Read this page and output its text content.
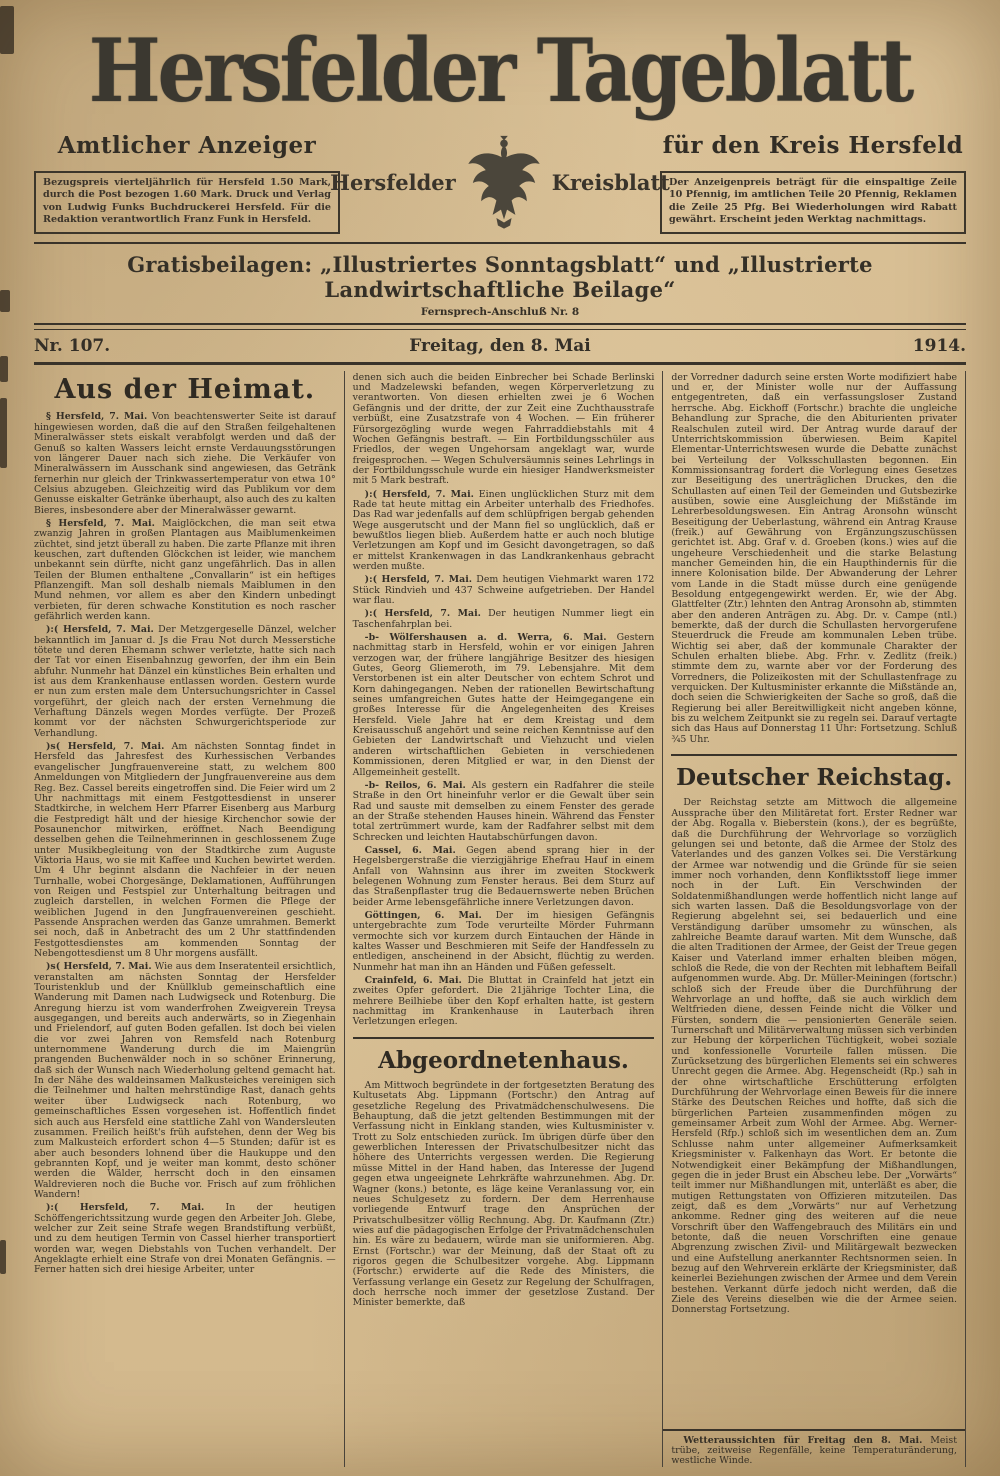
Hersfelder Tageblatt
Amtlicher Anzeiger
Bezugspreis vierteljährlich für Hersfeld 1.50 Mark, durch die Post bezogen 1.60 Mark. Druck und Verlag von Ludwig Funks Buchdruckerei Hersfeld. Für die Redaktion verantwortlich Franz Funk in Hersfeld.
Hersfelder	Kreisblatt
für den Kreis Hersfeld
Der Anzeigenpreis beträgt für die einspaltige Zeile 10 Pfennig, im amtlichen Teile 20 Pfennig, Reklamen die Zeile 25 Pfg. Bei Wiederholungen wird Rabatt gewährt. Erscheint jeden Werktag nachmittags.
Gratisbeilagen: „Illustriertes Sonntagsblatt“ und „Illustrierte Landwirtschaftliche Beilage“
Fernsprech-Anschluß Nr. 8
Nr. 107.	Freitag, den 8. Mai	1914.
Aus der Heimat.

§ Hersfeld, 7. Mai. Von beachtenswerter Seite ist darauf hingewiesen worden, daß die auf den Straßen feilgehaltenen Mineralwässer stets eiskalt verabfolgt werden und daß der Genuß so kalten Wassers leicht ernste Verdauungsstörungen von längerer Dauer nach sich ziehe. Die Verkäufer von Mineralwässern im Ausschank sind angewiesen, das Getränk fernerhin nur gleich der Trinkwassertemperatur von etwa 10° Celsius abzugeben. Gleichzeitig wird das Publikum vor dem Genusse eiskalter Getränke überhaupt, also auch des zu kalten Bieres, insbesondere aber der Mineralwässer gewarnt.

§ Hersfeld, 7. Mai. Maiglöckchen, die man seit etwa zwanzig Jahren in großen Plantagen aus Maiblumenkeimen züchtet, sind jetzt überall zu haben. Die zarte Pflanze mit ihren keuschen, zart duftenden Glöckchen ist leider, wie manchem unbekannt sein dürfte, nicht ganz ungefährlich. Das in allen Teilen der Blumen enthaltene „Convallarin“ ist ein heftiges Pflanzengift. Man soll deshalb niemals Maiblumen in den Mund nehmen, vor allem es aber den Kindern unbedingt verbieten, für deren schwache Konstitution es noch rascher gefährlich werden kann.

):( Hersfeld, 7. Mai. Der Metzgergeselle Dänzel, welcher bekanntlich im Januar d. Js die Frau Not durch Messerstiche tötete und deren Ehemann schwer verletzte, hatte sich nach der Tat vor einen Eisenbahnzug geworfen, der ihm ein Bein abfuhr. Nunmehr hat Dänzel ein künstliches Bein erhalten und ist aus dem Krankenhause entlassen worden. Gestern wurde er nun zum ersten male dem Untersuchungsrichter in Cassel vorgeführt, der gleich nach der ersten Vernehmung die Verhaftung Dänzels wegen Mordes verfügte. Der Prozeß kommt vor der nächsten Schwurgerichtsperiode zur Verhandlung.

)s( Hersfeld, 7. Mai. Am nächsten Sonntag findet in Hersfeld das Jahresfest des Kurhessischen Verbandes evangelischer Jungfrauenvereine statt, zu welchem 800 Anmeldungen von Mitgliedern der Jungfrauenvereine aus dem Reg. Bez. Cassel bereits eingetroffen sind. Die Feier wird um 2 Uhr nachmittags mit einem Festgottesdienst in unserer Stadtkirche, in welchem Herr Pfarrer Eisenberg aus Marburg die Festpredigt hält und der hiesige Kirchenchor sowie der Posaunenchor mitwirken, eröffnet. Nach Beendigung desselben gehen die Teilnehmerinnen in geschlossenem Zuge unter Musikbegleitung von der Stadtkirche zum Auguste Viktoria Haus, wo sie mit Kaffee und Kuchen bewirtet werden. Um 4 Uhr beginnt alsdann die Nachfeier in der neuen Turnhalle, wobei Chorgesänge, Deklamationen, Aufführungen von Reigen und Festspiel zur Unterhaltung beitragen und zugleich darstellen, in welchen Formen die Pflege der weiblichen Jugend in den Jungfrauenvereinen geschieht. Passende Ansprachen werden das Ganze umrahmen. Bemerkt sei noch, daß in Anbetracht des um 2 Uhr stattfindenden Festgottesdienstes am kommenden Sonntag der Nebengottesdienst um 8 Uhr morgens ausfällt.

)s( Hersfeld, 7. Mai. Wie aus dem Inseratenteil ersichtlich, veranstalten am nächsten Sonntag der Hersfelder Touristenklub und der Knüllklub gemeinschaftlich eine Wanderung mit Damen nach Ludwigseck und Rotenburg. Die Anregung hierzu ist vom wanderfrohen Zweigverein Treysa ausgegangen, und bereits auch anderwärts, so in Ziegenhain und Frielendorf, auf guten Boden gefallen. Ist doch bei vielen die vor zwei Jahren von Remsfeld nach Rotenburg unternommene Wanderung durch die im Maiengrün prangenden Buchenwälder noch in so schöner Erinnerung, daß sich der Wunsch nach Wiederholung geltend gemacht hat. In der Nähe des waldeinsamen Malkusteiches vereinigen sich die Teilnehmer und halten mehrstündige Rast, danach gehts weiter über Ludwigseck nach Rotenburg, wo gemeinschaftliches Essen vorgesehen ist. Hoffentlich findet sich auch aus Hersfeld eine stattliche Zahl von Wandersleuten zusammen. Freilich heißt's früh aufstehen, denn der Weg bis zum Malkusteich erfordert schon 4—5 Stunden; dafür ist es aber auch besonders lohnend über die Haukuppe und den gebrannten Kopf, und je weiter man kommt, desto schöner werden die Wälder, herrscht doch in den einsamen Waldrevieren noch die Buche vor. Frisch auf zum fröhlichen Wandern!

):( Hersfeld, 7. Mai. In der heutigen Schöffengerichtssitzung wurde gegen den Arbeiter Joh. Glebe, welcher zur Zeit seine Strafe wegen Brandstiftung verbüßt, und zu dem heutigen Termin von Cassel hierher transportiert worden war, wegen Diebstahls von Tuchen verhandelt. Der Angeklagte erhielt eine Strafe von drei Monaten Gefängnis. — Ferner hatten sich drei hiesige Arbeiter, unter

denen sich auch die beiden Einbrecher bei Schade Berlinski und Madzelewski befanden, wegen Körperverletzung zu verantworten. Von diesen erhielten zwei je 6 Wochen Gefängnis und der dritte, der zur Zeit eine Zuchthausstrafe verbüßt, eine Zusatzstrafe von 4 Wochen. — Ein früherer Fürsorgezögling wurde wegen Fahrraddiebstahls mit 4 Wochen Gefängnis bestraft. — Ein Fortbildungsschüler aus Friedlos, der wegen Ungehorsam angeklagt war, wurde freigesprochen. — Wegen Schulversäumnis seines Lehrlings in der Fortbildungsschule wurde ein hiesiger Handwerksmeister mit 5 Mark bestraft.

):( Hersfeld, 7. Mai. Einen unglücklichen Sturz mit dem Rade tat heute mittag ein Arbeiter unterhalb des Friedhofes. Das Rad war jedenfalls auf dem schlüpfrigen bergab gehenden Wege ausgerutscht und der Mann fiel so unglücklich, daß er bewußtlos liegen blieb. Außerdem hatte er auch noch blutige Verletzungen am Kopf und im Gesicht davongetragen, so daß er mittelst Krankenwagen in das Landkrankenhaus gebracht werden mußte.

):( Hersfeld, 7. Mai. Dem heutigen Viehmarkt waren 172 Stück Rindvieh und 437 Schweine aufgetrieben. Der Handel war flau.

):( Hersfeld, 7. Mai. Der heutigen Nummer liegt ein Taschenfahrplan bei.

-b- Wölfershausen a. d. Werra, 6. Mai. Gestern nachmittag starb in Hersfeld, wohin er vor einigen Jahren verzogen war, der frühere langjährige Besitzer des hiesigen Gutes, Georg Gliemeroth, im 79. Lebensjahre. Mit dem Verstorbenen ist ein alter Deutscher von echtem Schrot und Korn dahingegangen. Neben der rationellen Bewirtschaftung seines umfangreichen Gutes hatte der Heimgegangene ein großes Interesse für die Angelegenheiten des Kreises Hersfeld. Viele Jahre hat er dem Kreistag und dem Kreisausschuß angehört und seine reichen Kenntnisse auf den Gebieten der Landwirtschaft und Viehzucht und vielen anderen wirtschaftlichen Gebieten in verschiedenen Kommissionen, deren Mitglied er war, in den Dienst der Allgemeinheit gestellt.

-b- Reilos, 6. Mai. Als gestern ein Radfahrer die steile Straße in den Ort hineinfuhr verlor er die Gewalt über sein Rad und sauste mit demselben zu einem Fenster des gerade an der Straße stehenden Hauses hinein. Während das Fenster total zertrümmert wurde, kam der Radfahrer selbst mit dem Schrecken und leichten Hautabschürfungen davon.

Cassel, 6. Mai. Gegen abend sprang hier in der Hegelsbergerstraße die vierzigjährige Ehefrau Hauf in einem Anfall von Wahnsinn aus ihrer im zweiten Stockwerk belegenen Wohnung zum Fenster heraus. Bei dem Sturz auf das Straßenpflaster trug die Bedauernswerte neben Brüchen beider Arme lebensgefährliche innere Verletzungen davon.

Göttingen, 6. Mai. Der im hiesigen Gefängnis untergebrachte zum Tode verurteilte Mörder Fuhrmann vermochte sich vor kurzem durch Eintauchen der Hände in kaltes Wasser und Beschmieren mit Seife der Handfesseln zu entledigen, anscheinend in der Absicht, flüchtig zu werden. Nunmehr hat man ihn an Händen und Füßen gefesselt.

Crainfeld, 6. Mai. Die Bluttat in Crainfeld hat jetzt ein zweites Opfer gefordert. Die 21jährige Tochter Lina, die mehrere Beilhiebe über den Kopf erhalten hatte, ist gestern nachmittag im Krankenhause in Lauterbach ihren Verletzungen erlegen.

Abgeordnetenhaus.

Am Mittwoch begründete in der fortgesetzten Beratung des Kultusetats Abg. Lippmann (Fortschr.) den Antrag auf gesetzliche Regelung des Privatmädchenschulwesens. Die Behauptung, daß die jetzt geltenden Bestimmungen mit der Verfassung nicht in Einklang standen, wies Kultusminister v. Trott zu Solz entschieden zurück. Im übrigen dürfe über den gewerblichen Interessen der Privatschulbesitzer nicht das höhere des Unterrichts vergessen werden. Die Regierung müsse Mittel in der Hand haben, das Interesse der Jugend gegen etwa ungeeignete Lehrkräfte wahrzunehmen. Abg. Dr. Wagner (kons.) betonte, es läge keine Veranlassung vor, ein neues Schulgesetz zu fordern. Der dem Herrenhause vorliegende Entwurf trage den Ansprüchen der Privatschulbesitzer völlig Rechnung. Abg. Dr. Kaufmann (Ztr.) wies auf die pädagogischen Erfolge der Privatmädchenschulen hin. Es wäre zu bedauern, würde man sie uniformieren. Abg. Ernst (Fortschr.) war der Meinung, daß der Staat oft zu rigoros gegen die Schulbesitzer vorgehe. Abg. Lippmann (Fortschr.) erwiderte auf die Rede des Ministers, die Verfassung verlange ein Gesetz zur Regelung der Schulfragen, doch herrsche noch immer der gesetzlose Zustand. Der Minister bemerkte, daß

der Vorredner dadurch seine ersten Worte modifiziert habe und er, der Minister wolle nur der Auffassung entgegentreten, daß ein verfassungsloser Zustand herrsche. Abg. Eickhoff (Fortschr.) brachte die ungleiche Behandlung zur Sprache, die den Abiturienten privater Realschulen zuteil wird. Der Antrag wurde darauf der Unterrichtskommission überwiesen. Beim Kapitel Elementar-Unterrichtswesen wurde die Debatte zunächst bei Verteilung der Volksschullasten begonnen. Ein Kommissionsantrag fordert die Vorlegung eines Gesetzes zur Beseitigung des unerträglichen Druckes, den die Schullasten auf einen Teil der Gemeinden und Gutsbezirke ausüben, sowie eine Ausgleichung der Mißstände im Lehrerbesoldungswesen. Ein Antrag Aronsohn wünscht Beseitigung der Ueberlastung, während ein Antrag Krause (freik.) auf Gewährung von Ergänzungszuschüssen gerichtet ist. Abg. Graf v. d. Groeben (kons.) wies auf die ungeheure Verschiedenheit und die starke Belastung mancher Gemeinden hin, die ein Haupthindernis für die innere Kolonisation bilde. Der Abwanderung der Lehrer vom Lande in die Stadt müsse durch eine genügende Besoldung entgegengewirkt werden. Er, wie der Abg. Glattfelter (Ztr.) lehnten den Antrag Aronsohn ab, stimmten aber den anderen Anträgen zu. Abg. Dr. v. Campe (ntl.) bemerkte, daß der durch die Schullasten hervorgerufene Steuerdruck die Freude am kommunalen Leben trübe. Wichtig sei aber, daß der kommunale Charakter der Schulen erhalten bliebe. Abg. Frhr. v. Zedlitz (freik.) stimmte dem zu, warnte aber vor der Forderung des Vorredners, die Polizeikosten mit der Schullastenfrage zu verquicken. Der Kultusminister erkannte die Mißstände an, doch seien die Schwierigkeiten der Sache so groß, daß die Regierung bei aller Bereitwilligkeit nicht angeben könne, bis zu welchem Zeitpunkt sie zu regeln sei. Darauf vertagte sich das Haus auf Donnerstag 11 Uhr: Fortsetzung. Schluß ¾5 Uhr.

Deutscher Reichstag.

Der Reichstag setzte am Mittwoch die allgemeine Aussprache über den Militäretat fort. Erster Redner war der Abg. Rogalla v. Bieberstein (kons.), der es begrüßte, daß die Durchführung der Wehrvorlage so vorzüglich gelungen sei und betonte, daß die Armee der Stolz des Vaterlandes und des ganzen Volkes sei. Die Verstärkung der Armee war notwendig und die Gründe für sie seien immer noch vorhanden, denn Konfliktsstoff liege immer noch in der Luft. Ein Verschwinden der Soldatenmißhandlungen werde hoffentlich nicht lange auf sich warten lassen. Daß die Besoldungsvorlage von der Regierung abgelehnt sei, sei bedauerlich und eine Verständigung darüber umsomehr zu wünschen, als zahlreiche Beamte darauf warten. Mit dem Wunsche, daß die alten Traditionen der Armee, der Geist der Treue gegen Kaiser und Vaterland immer erhalten bleiben mögen, schloß die Rede, die von der Rechten mit lebhaftem Beifall aufgenommen wurde. Abg. Dr. Müller-Meiningen (fortschr.) schloß sich der Freude über die Durchführung der Wehrvorlage an und hoffte, daß sie auch wirklich dem Weltfrieden diene, dessen Feinde nicht die Völker und Fürsten, sondern die — pensionierten Generäle seien. Turnerschaft und Militärverwaltung müssen sich verbinden zur Hebung der körperlichen Tüchtigkeit, wobei soziale und konfessionelle Vorurteile fallen müssen. Die Zurücksetzung des bürgerlichen Elements sei ein schweres Unrecht gegen die Armee. Abg. Hegenscheidt (Rp.) sah in der ohne wirtschaftliche Erschütterung erfolgten Durchführung der Wehrvorlage einen Beweis für die innere Stärke des Deutschen Reiches und hoffte, daß sich die bürgerlichen Parteien zusammenfinden mögen zu gemeinsamer Arbeit zum Wohl der Armee. Abg. Werner-Hersfeld (Rfp.) schloß sich im wesentlichen dem an. Zum Schlusse nahm unter allgemeiner Aufmerksamkeit Kriegsminister v. Falkenhayn das Wort. Er betonte die Notwendigkeit einer Bekämpfung der Mißhandlungen, gegen die in jeder Brust ein Abscheu lebe. Der „Vorwärts“ teilt immer nur Mißhandlungen mit, unterläßt es aber, die mutigen Rettungstaten von Offizieren mitzuteilen. Das zeigt, daß es dem „Vorwärts“ nur auf Verhetzung ankomme. Redner ging des weiteren auf die neue Vorschrift über den Waffengebrauch des Militärs ein und betonte, daß die neuen Vorschriften eine genaue Abgrenzung zwischen Zivil- und Militärgewalt bezwecken und eine Aufstellung anerkannter Rechtsnormen seien. In bezug auf den Wehrverein erklärte der Kriegsminister, daß keinerlei Beziehungen zwischen der Armee und dem Verein bestehen. Verkannt dürfe jedoch nicht werden, daß die Ziele des Vereins dieselben wie die der Armee seien. Donnerstag Fortsetzung.

Wetteraussichten für Freitag den 8. Mai. Meist trübe, zeitweise Regenfälle, keine Temperaturänderung, westliche Winde.
